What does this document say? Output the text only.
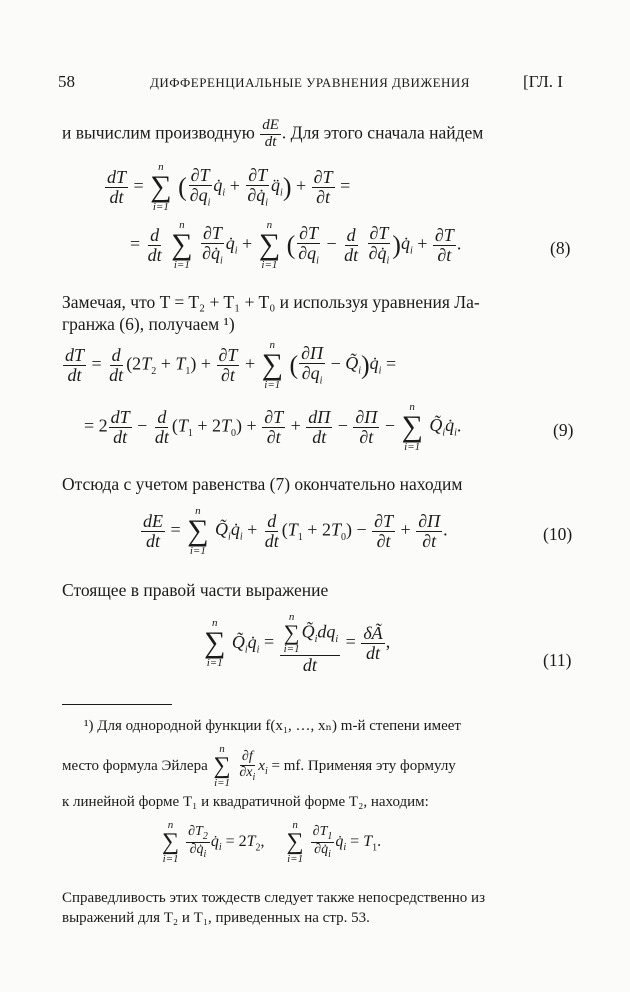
58	ДИФФЕРЕНЦИАЛЬНЫЕ УРАВНЕНИЯ ДВИЖЕНИЯ	[ГЛ. I
и вычислим производную $\frac{dE}{dt}$ . Для этого сначала найдем
$\frac{dT}{dt}$ =
n
∑
i=1
( $\frac{\partial T}{\partial q_i}$ $q̇_i + \frac{\partial T}{\partial q̇_i}$ $q̈_i) + \frac{\partial T}{\partial t}$ =
= $\frac{d}{dt}$

n
∑
i=1
$\frac{\partial T}{\partial q̇_i}$ $q̇_i$ +
n
∑
i=1
( $\frac{\partial T}{\partial q_i} - \frac{d}{dt}$
$\frac{\partial T}{\partial q̇_i}$ )$q̇_i + \frac{\partial T}{\partial t}$ .	(8)
Замечая, что T = T₂ + T₁ + T₀ и используя уравнения Ла-
гранжа (6), получаем ¹)
$\frac{dT}{dt} = \frac{d}{dt} (2T_2 + T_1) + \frac{\partial T}{\partial t}$ +
n
∑
i=1
( $\frac{\partial\Pi}{\partial q_i}$ − $Q̃_i)q̇_i$ =
= $2 \frac{dT}{dt} - \frac{d}{dt} (T_1 + 2T_0) + \frac{\partial T}{\partial t} + \frac{d\Pi}{dt} - \frac{\partial\Pi}{\partial t}$ −
n
∑
i=1
$Q̃_iq̇_i$.	(9)
Отсюда с учетом равенства (7) окончательно находим
$\frac{dE}{dt}$ =
n
∑
i=1
$Q̃_iq̇_i + \frac{d}{dt} (T_1 + 2T_0) - \frac{\partial T}{\partial t} + \frac{\partial\Pi}{\partial t}$ .	(10)
Стоящее в правой части выражение
n
∑
i=1
$Q̃_iq̇_i$ =
n
∑
i=1
$Q̃_idq_i$
dt
= $\frac{\delta Ã}{dt}$ ,
(11)
¹) Для однородной функции f(x₁, …, xₙ) m-й степени имеет
место формула Эйлера
n
∑
i=1
$\frac{\partial f}{\partial x_i} x_i$ = mf. Применяя эту формулу
к линейной форме T₁ и квадратичной форме T₂, находим:
n
∑
i=1
$\frac{\partial T_2}{\partial q̇_i}$ $q̇_i = 2T_2$,
n
∑
i=1
$\frac{\partial T_1}{\partial q̇_i}$ $q̇_i = T_1$.
Справедливость этих тождеств следует также непосредственно из
выражений для T₂ и T₁, приведенных на стр. 53.
